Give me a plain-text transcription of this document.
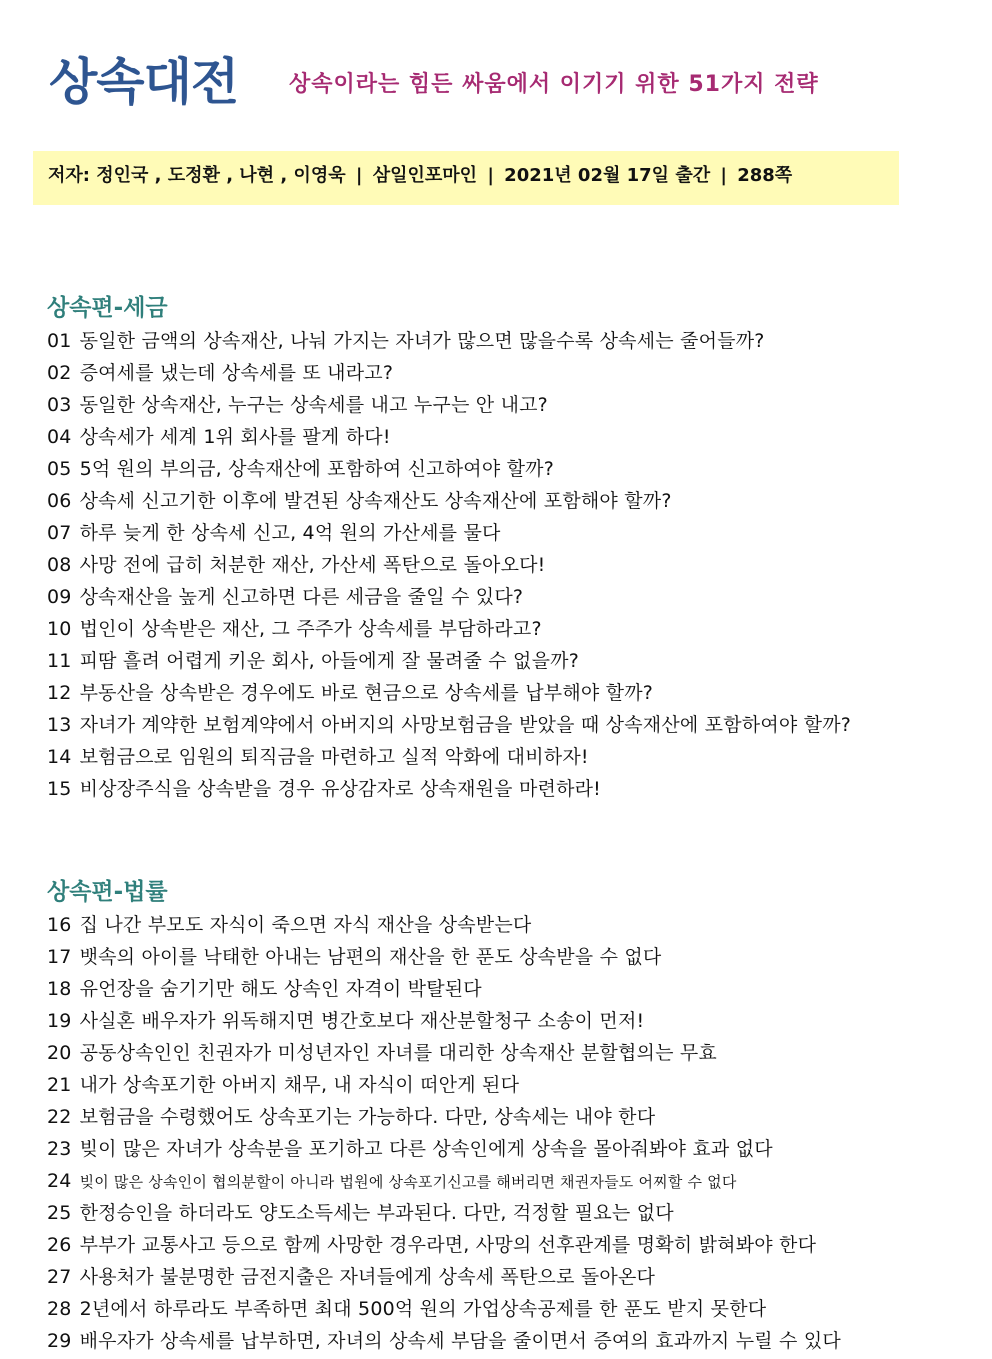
상속대전 상속이라는 힘든 싸움에서 이기기 위한 51가지 전략
저자: 정인국 , 도정환 , 나현 , 이영욱 | 삼일인포마인 | 2021년 02월 17일 출간 | 288쪽
상속편-세금
01 동일한 금액의 상속재산, 나눠 가지는 자녀가 많으면 많을수록 상속세는 줄어들까?
02 증여세를 냈는데 상속세를 또 내라고?
03 동일한 상속재산, 누구는 상속세를 내고 누구는 안 내고?
04 상속세가 세계 1위 회사를 팔게 하다!
05 5억 원의 부의금, 상속재산에 포함하여 신고하여야 할까?
06 상속세 신고기한 이후에 발견된 상속재산도 상속재산에 포함해야 할까?
07 하루 늦게 한 상속세 신고, 4억 원의 가산세를 물다
08 사망 전에 급히 처분한 재산, 가산세 폭탄으로 돌아오다!
09 상속재산을 높게 신고하면 다른 세금을 줄일 수 있다?
10 법인이 상속받은 재산, 그 주주가 상속세를 부담하라고?
11 피땀 흘려 어렵게 키운 회사, 아들에게 잘 물려줄 수 없을까?
12 부동산을 상속받은 경우에도 바로 현금으로 상속세를 납부해야 할까?
13 자녀가 계약한 보험계약에서 아버지의 사망보험금을 받았을 때 상속재산에 포함하여야 할까?
14 보험금으로 임원의 퇴직금을 마련하고 실적 악화에 대비하자!
15 비상장주식을 상속받을 경우 유상감자로 상속재원을 마련하라!
상속편-법률
16 집 나간 부모도 자식이 죽으면 자식 재산을 상속받는다
17 뱃속의 아이를 낙태한 아내는 남편의 재산을 한 푼도 상속받을 수 없다
18 유언장을 숨기기만 해도 상속인 자격이 박탈된다
19 사실혼 배우자가 위독해지면 병간호보다 재산분할청구 소송이 먼저!
20 공동상속인인 친권자가 미성년자인 자녀를 대리한 상속재산 분할협의는 무효
21 내가 상속포기한 아버지 채무, 내 자식이 떠안게 된다
22 보험금을 수령했어도 상속포기는 가능하다. 다만, 상속세는 내야 한다
23 빚이 많은 자녀가 상속분을 포기하고 다른 상속인에게 상속을 몰아줘봐야 효과 없다
24 빚이 많은 상속인이 협의분할이 아니라 법원에 상속포기신고를 해버리면 채권자들도 어찌할 수 없다
25 한정승인을 하더라도 양도소득세는 부과된다. 다만, 걱정할 필요는 없다
26 부부가 교통사고 등으로 함께 사망한 경우라면, 사망의 선후관계를 명확히 밝혀봐야 한다
27 사용처가 불분명한 금전지출은 자녀들에게 상속세 폭탄으로 돌아온다
28 2년에서 하루라도 부족하면 최대 500억 원의 가업상속공제를 한 푼도 받지 못한다
29 배우자가 상속세를 납부하면, 자녀의 상속세 부담을 줄이면서 증여의 효과까지 누릴 수 있다
